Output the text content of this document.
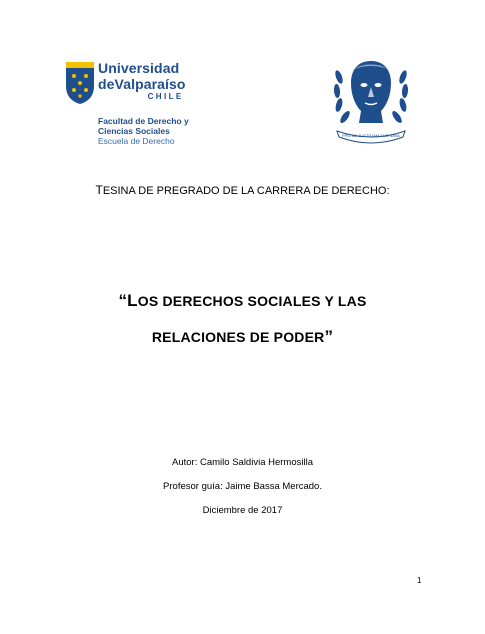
Universidad
deValparaíso
CHILE
Facultad de Derecho y
Ciencias Sociales
Escuela de Derecho
PRO AD JUSTITIAM SUB NAVA
TESINA DE PREGRADO DE LA CARRERA DE DERECHO:
“LOS DERECHOS SOCIALES Y LAS
RELACIONES DE PODER”
Autor: Camilo Saldivia Hermosilla
Profesor guía: Jaime Bassa Mercado.
Diciembre de 2017
1
